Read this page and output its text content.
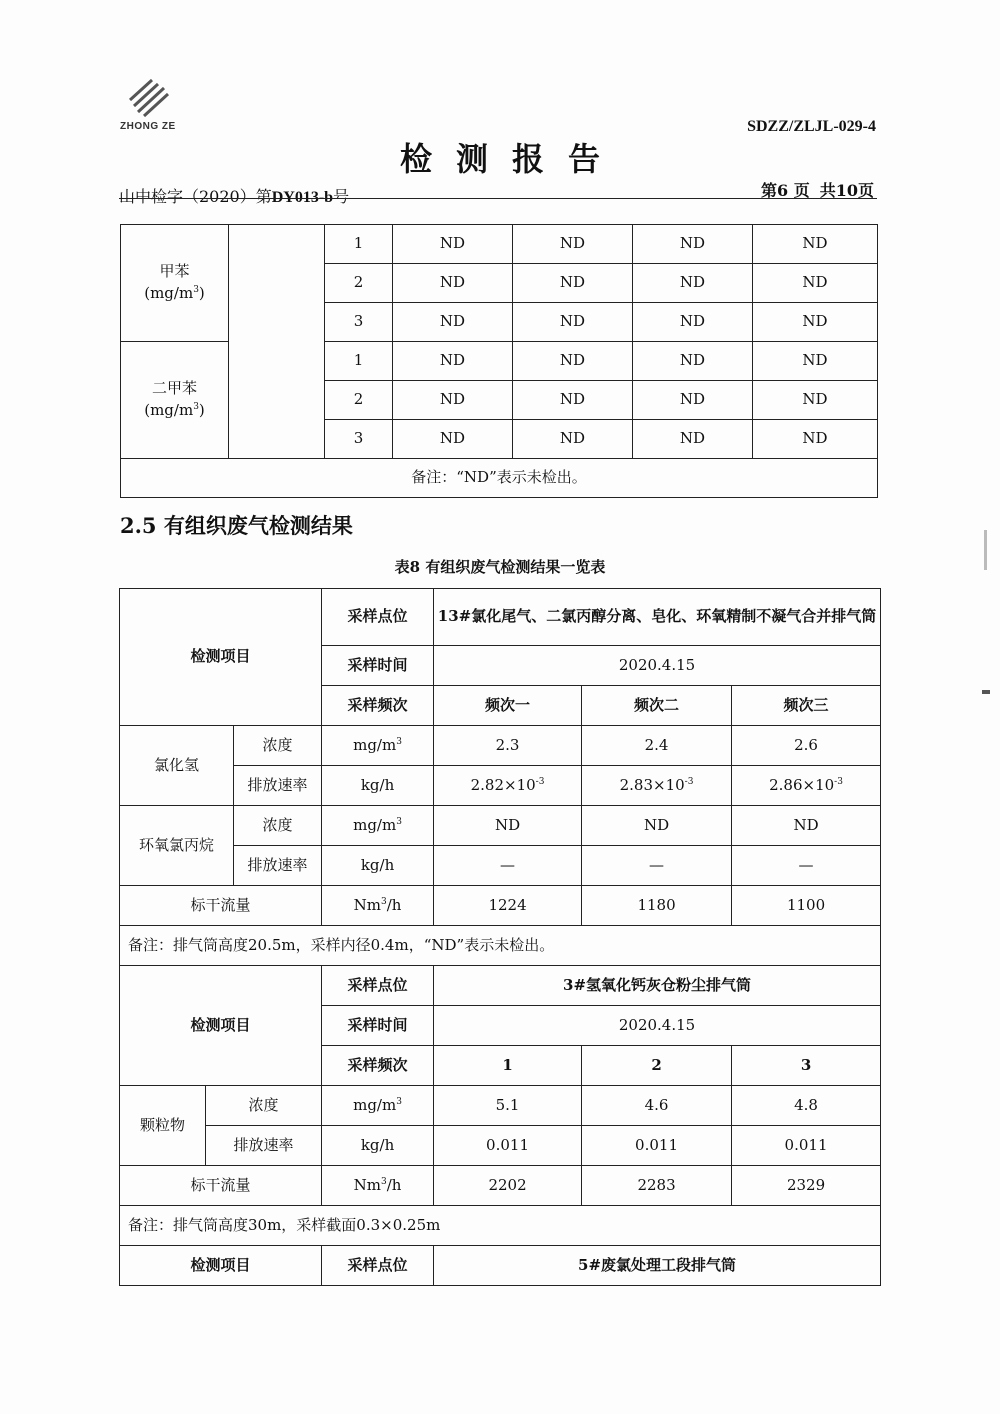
ZHONG ZE	SDZZ/ZLJL-029-4
检测报告
山中检字（2020）第DY013-b号	第6 页 共10页
甲苯
$(mg/m^3)$		1	ND	ND	ND	ND
		2	ND	ND	ND	ND
		3	ND	ND	ND	ND
二甲苯
$(mg/m^3)$		1	ND	ND	ND	ND
		2	ND	ND	ND	ND
		3	ND	ND	ND	ND
备注：“ND”表示未检出。						
2.5 有组织废气检测结果
表8 有组织废气检测结果一览表
检测项目			采样点位	13#氯化尾气、二氯丙醇分离、皂化、环氧精制不凝气合并排气筒		
			采样时间	2020.4.15		
			采样频次	频次一	频次二	频次三
氯化氢		浓度	$mg/m^3$	2.3	2.4	2.6
		排放速率	kg/h	$2.82\times 10^{-3}$	$2.83\times 10^{-3}$	$2.86\times 10^{-3}$
环氧氯丙烷		浓度	$mg/m^3$	ND	ND	ND
		排放速率	kg/h	—	—	—
标干流量			Nm$^3$/h	1224	1180	1100
备注：排气筒高度20.5m，采样内径0.4m，“ND”表示未检出。						
检测项目			采样点位	3#氢氧化钙灰仓粉尘排气筒		
			采样时间	2020.4.15		
			采样频次	1	2	3
颗粒物	浓度		$mg/m^3$	5.1	4.6	4.8
	排放速率		kg/h	0.011	0.011	0.011
标干流量			Nm$^3$/h	2202	2283	2329
备注：排气筒高度30m，采样截面0.3×0.25m						
检测项目			采样点位	5#废氯处理工段排气筒		
